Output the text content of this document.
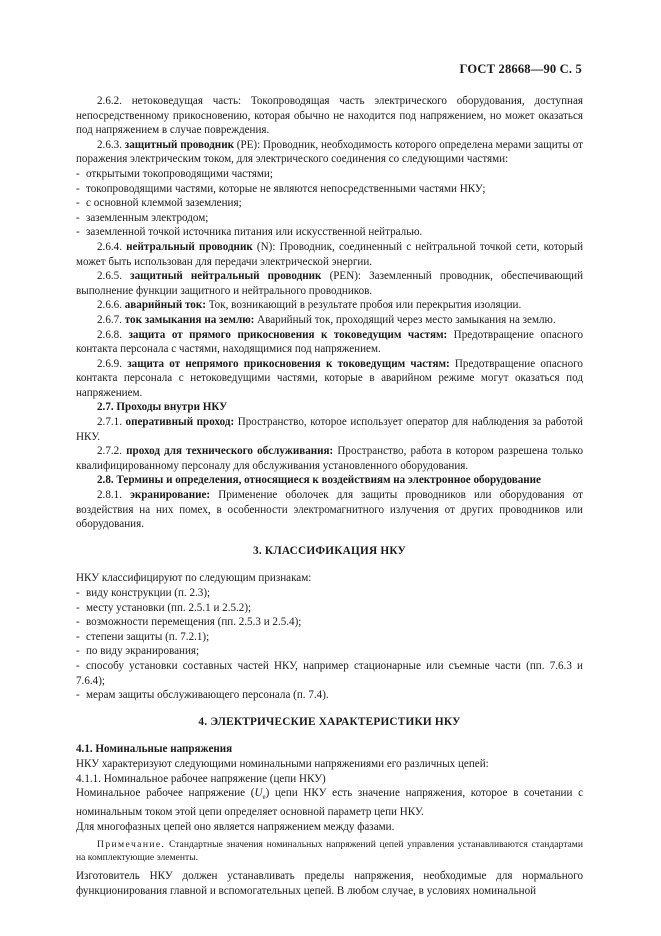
ГОСТ 28668—90 С. 5

2.6.2. нетоковедущая часть: Токопроводящая часть электрического оборудования, доступная непосредственному прикосновению, которая обычно не находится под напряжением, но может оказаться под напряжением в случае повреждения.

2.6.3. защитный проводник (PE): Проводник, необходимость которого определена мерами защиты от поражения электрическим током, для электрического соединения со следующими частями:

- открытыми токопроводящими частями;
- токопроводящими частями, которые не являются непосредственными частями НКУ;
- с основной клеммой заземления;
- заземленным электродом;
- заземленной точкой источника питания или искусственной нейтралью.

2.6.4. нейтральный проводник (N): Проводник, соединенный с нейтральной точкой сети, который может быть использован для передачи электрической энергии.

2.6.5. защитный нейтральный проводник (PEN): Заземленный проводник, обеспечивающий выполнение функции защитного и нейтрального проводников.

2.6.6. аварийный ток: Ток, возникающий в результате пробоя или перекрытия изоляции.

2.6.7. ток замыкания на землю: Аварийный ток, проходящий через место замыкания на землю.

2.6.8. защита от прямого прикосновения к токоведущим частям: Предотвращение опасного контакта персонала с частями, находящимися под напряжением.

2.6.9. защита от непрямого прикосновения к токоведущим частям: Предотвращение опасного контакта персонала с нетоковедущими частями, которые в аварийном режиме могут оказаться под напряжением.

2.7. Проходы внутри НКУ

2.7.1. оперативный проход: Пространство, которое использует оператор для наблюдения за работой НКУ.

2.7.2. проход для технического обслуживания: Пространство, работа в котором разрешена только квалифицированному персоналу для обслуживания установленного оборудования.

2.8. Термины и определения, относящиеся к воздействиям на электронное оборудование

2.8.1. экранирование: Применение оболочек для защиты проводников или оборудования от воздействия на них помех, в особенности электромагнитного излучения от других проводников или оборудования.

3. КЛАССИФИКАЦИЯ НКУ

НКУ классифицируют по следующим признакам:

- виду конструкции (п. 2.3);
- месту установки (пп. 2.5.1 и 2.5.2);
- возможности перемещения (пп. 2.5.3 и 2.5.4);
- степени защиты (п. 7.2.1);
- по виду экранирования;
- способу установки составных частей НКУ, например стационарные или съемные части (пп. 7.6.3 и 7.6.4);
- мерам защиты обслуживающего персонала (п. 7.4).
4. ЭЛЕКТРИЧЕСКИЕ ХАРАКТЕРИСТИКИ НКУ

4.1. Номинальные напряжения

НКУ характеризуют следующими номинальными напряжениями его различных цепей:

4.1.1. Номинальное рабочее напряжение (цепи НКУ)

Номинальное рабочее напряжение $(U_e)$ цепи НКУ есть значение напряжения, которое в сочетании с номинальным током этой цепи определяет основной параметр цепи НКУ.

Для многофазных цепей оно является напряжением между фазами.

Примечание. Стандартные значения номинальных напряжений цепей управления устанавливаются стандартами на комплектующие элементы.

Изготовитель НКУ должен устанавливать пределы напряжения, необходимые для нормального функционирования главной и вспомогательных цепей. В любом случае, в условиях номинальной
